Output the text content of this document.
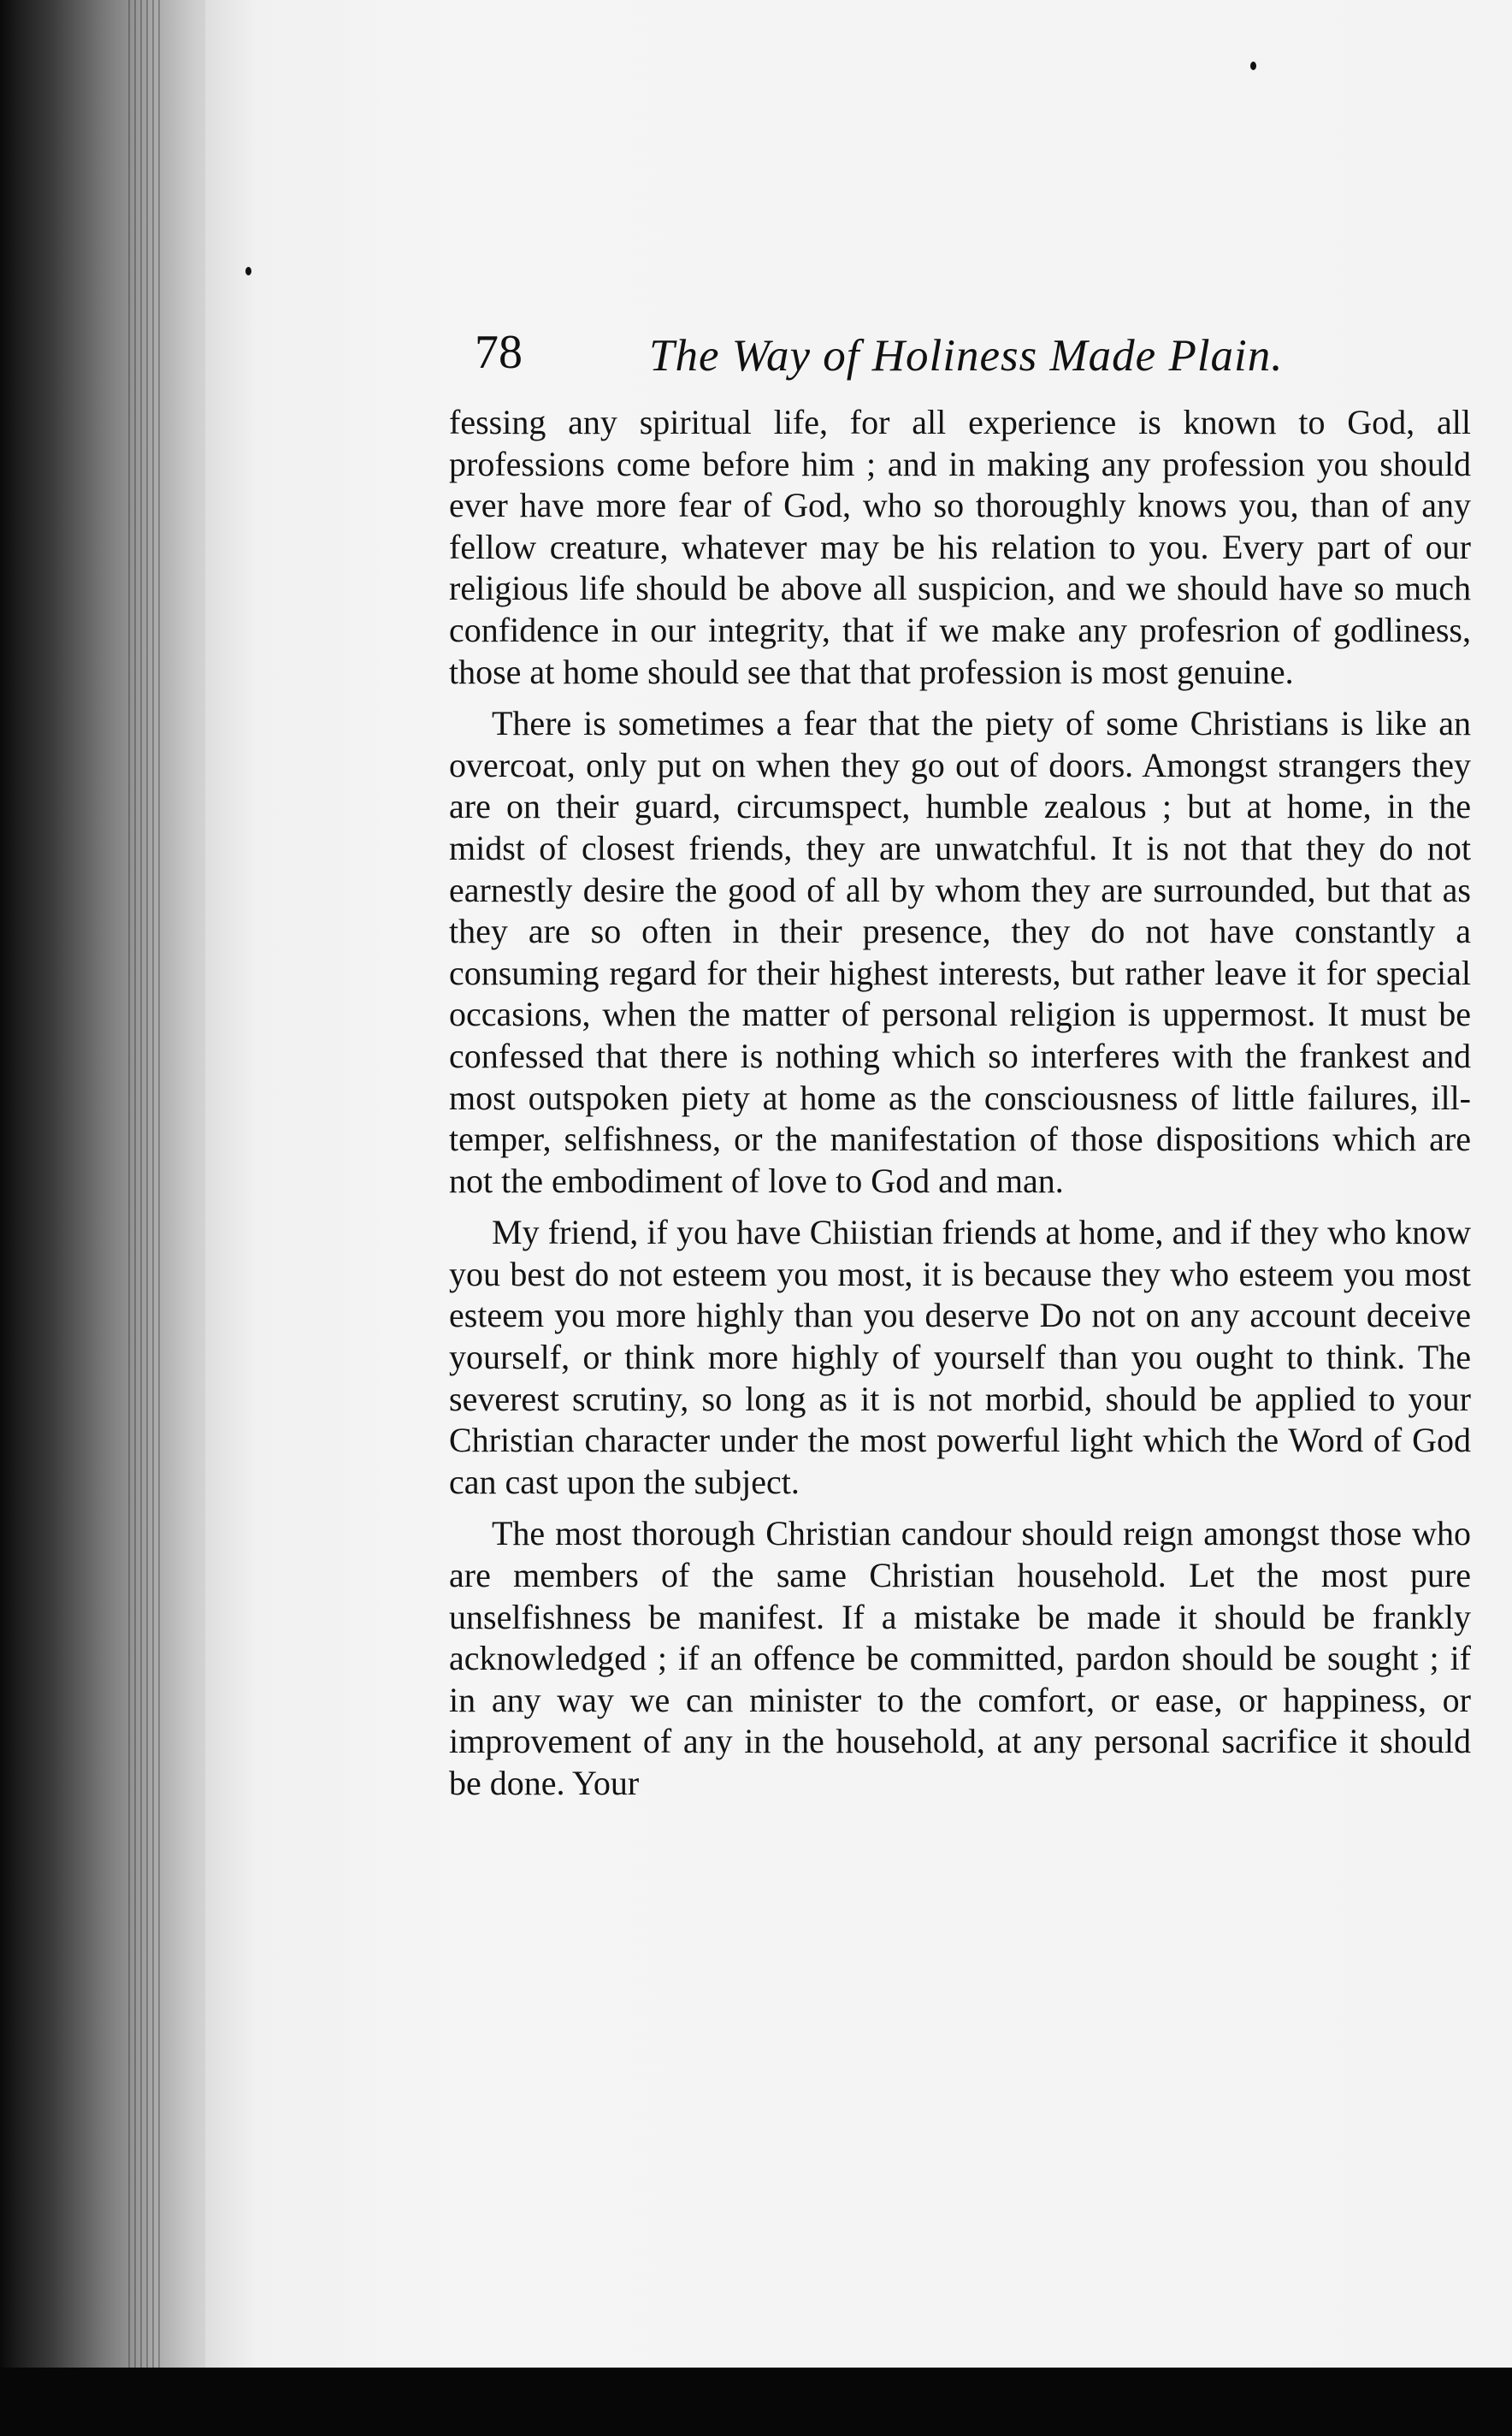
78	The Way of Holiness Made Plain.

fessing any spiritual life, for all experience is known to God, all professions come before him ; and in making any profession you should ever have more fear of God, who so thoroughly knows you, than of any fellow creature, whatever may be his relation to you. Every part of our religious life should be above all suspicion, and we should have so much confidence in our integrity, that if we make any profesrion of godliness, those at home should see that that profession is most genuine.

There is sometimes a fear that the piety of some Christians is like an overcoat, only put on when they go out of doors. Amongst strangers they are on their guard, circumspect, humble zealous ; but at home, in the midst of closest friends, they are unwatchful. It is not that they do not earnestly desire the good of all by whom they are surrounded, but that as they are so often in their presence, they do not have constantly a consuming regard for their highest interests, but rather leave it for special occasions, when the matter of personal religion is uppermost. It must be confessed that there is nothing which so interferes with the frankest and most outspoken piety at home as the consciousness of little failures, ill-temper, selfishness, or the manifestation of those dispositions which are not the embodiment of love to God and man.

My friend, if you have Chiistian friends at home, and if they who know you best do not esteem you most, it is because they who esteem you most esteem you more highly than you deserve Do not on any account deceive yourself, or think more highly of yourself than you ought to think. The severest scrutiny, so long as it is not morbid, should be applied to your Christian character under the most powerful light which the Word of God can cast upon the subject.

The most thorough Christian candour should reign amongst those who are members of the same Christian household. Let the most pure unselfishness be manifest. If a mistake be made it should be frankly acknowledged ; if an offence be committed, pardon should be sought ; if in any way we can minister to the comfort, or ease, or happiness, or improvement of any in the household, at any personal sacrifice it should be done. Your
